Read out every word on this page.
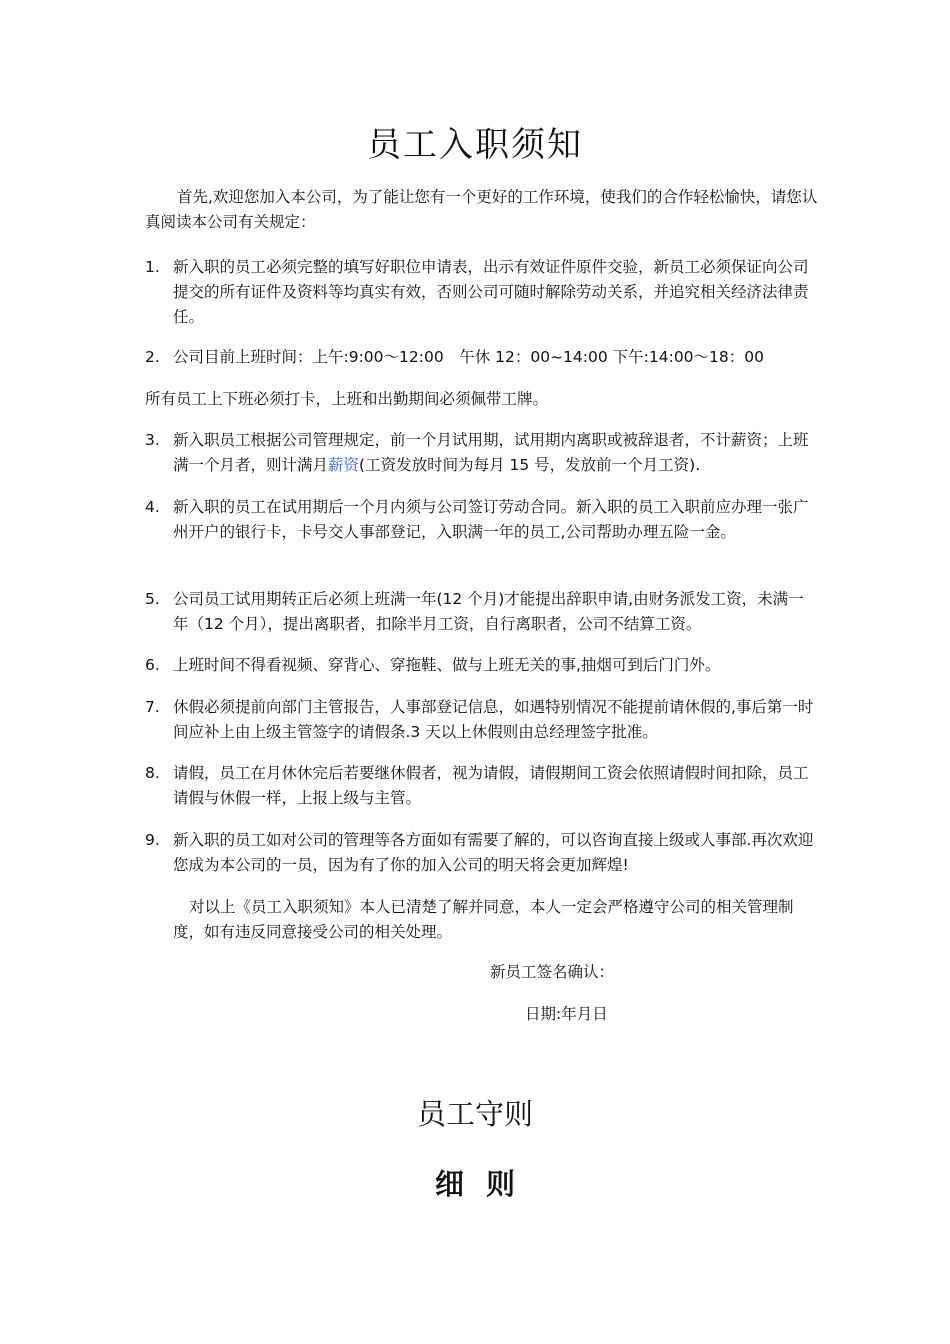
员工入职须知

首先,欢迎您加入本公司，为了能让您有一个更好的工作环境，使我们的合作轻松愉快，请您认真阅读本公司有关规定：

1. 新入职的员工必须完整的填写好职位申请表，出示有效证件原件交验，新员工必须保证向公司提交的所有证件及资料等均真实有效，否则公司可随时解除劳动关系，并追究相关经济法律责任。
2. 公司目前上班时间：上午:9:00～12:00　午休 12：00~14:00 下午:14:00～18：00

所有员工上下班必须打卡，上班和出勤期间必须佩带工牌。

3. 新入职员工根据公司管理规定，前一个月试用期，试用期内离职或被辞退者，不计薪资；上班满一个月者，则计满月薪资(工资发放时间为每月 15 号，发放前一个月工资).
4. 新入职的员工在试用期后一个月内须与公司签订劳动合同。新入职的员工入职前应办理一张广州开户的银行卡，卡号交人事部登记，入职满一年的员工,公司帮助办理五险一金。
5. 公司员工试用期转正后必须上班满一年(12 个月)才能提出辞职申请,由财务派发工资，未满一年（12 个月），提出离职者，扣除半月工资，自行离职者，公司不结算工资。
6. 上班时间不得看视频、穿背心、穿拖鞋、做与上班无关的事,抽烟可到后门门外。
7. 休假必须提前向部门主管报告，人事部登记信息，如遇特别情况不能提前请休假的,事后第一时间应补上由上级主管签字的请假条.3 天以上休假则由总经理签字批准。
8. 请假，员工在月休休完后若要继休假者，视为请假，请假期间工资会依照请假时间扣除，员工请假与休假一样，上报上级与主管。
9. 新入职的员工如对公司的管理等各方面如有需要了解的，可以咨询直接上级或人事部.再次欢迎您成为本公司的一员，因为有了你的加入公司的明天将会更加辉煌!

对以上《员工入职须知》本人已清楚了解并同意，本人一定会严格遵守公司的相关管理制度，如有违反同意接受公司的相关处理。

新员工签名确认：

日期:年月日

员工守则
细则
